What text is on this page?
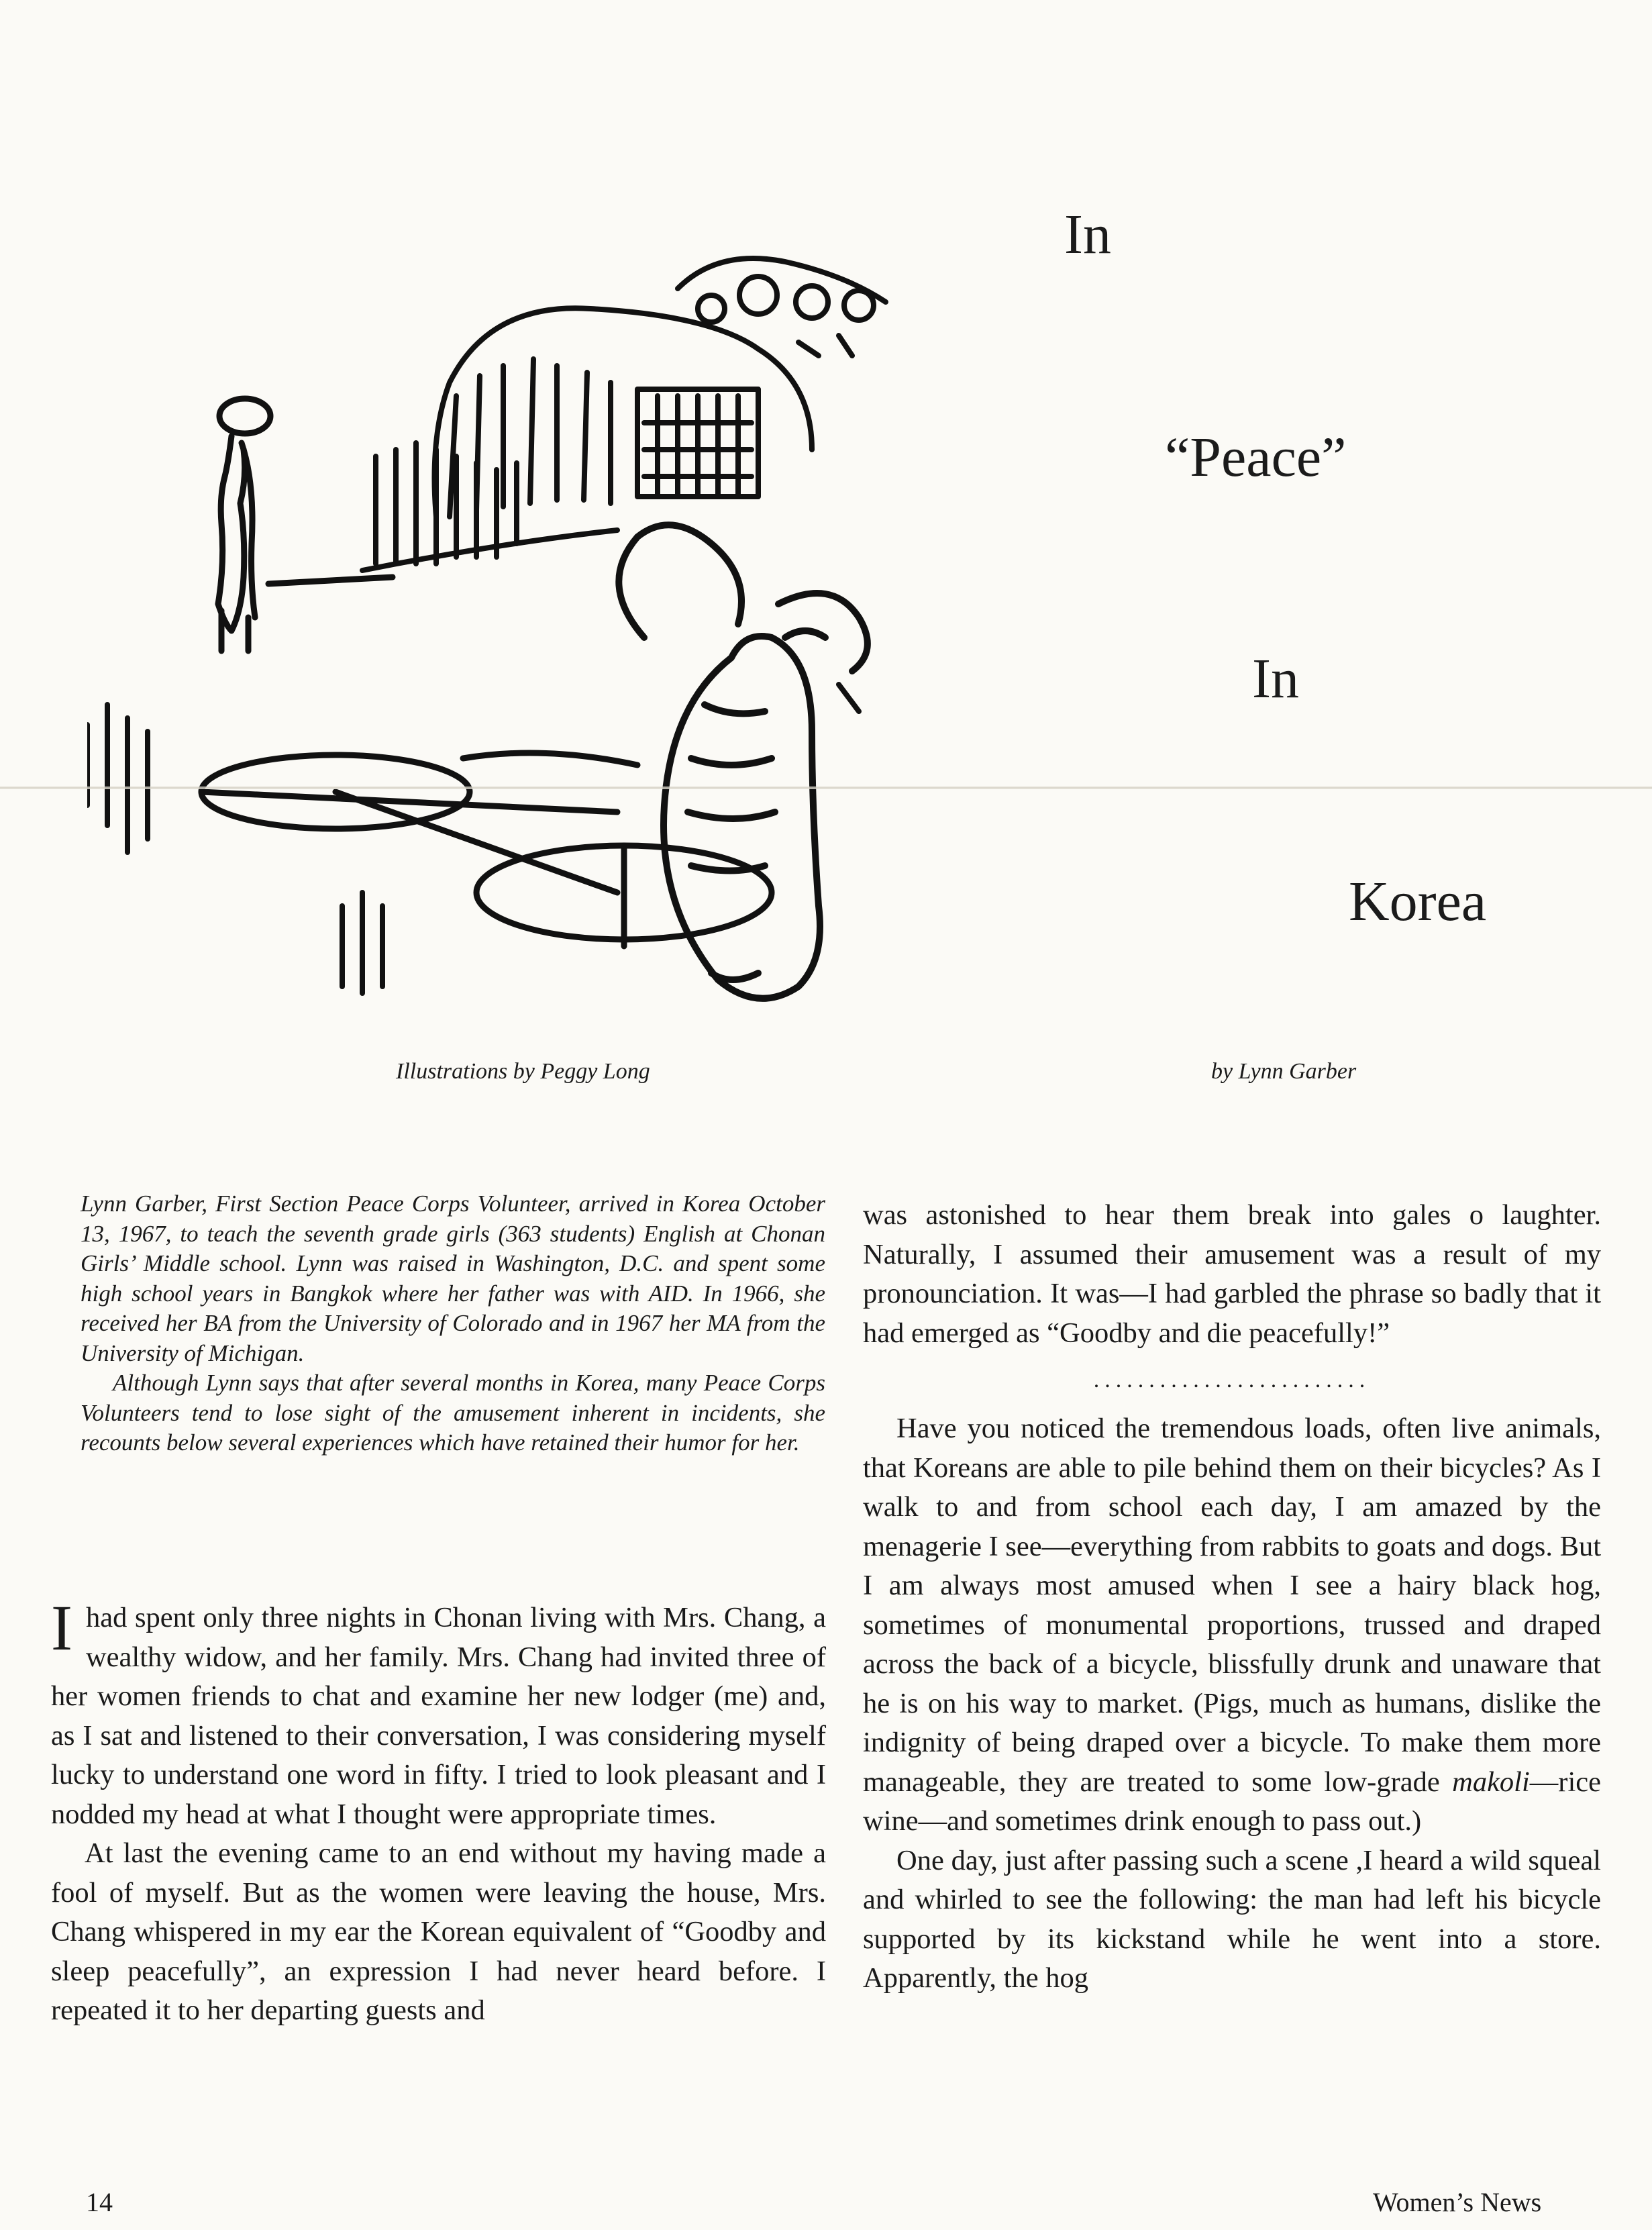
In
“Peace”
In
Korea
Illustrations by Peggy Long	by Lynn Garber

Lynn Garber, First Section Peace Corps Volunteer, arrived in Korea October 13, 1967, to teach the seventh grade girls (363 students) English at Chonan Girls’ Middle school. Lynn was raised in Washington, D.C. and spent some high school years in Bangkok where her father was with AID. In 1966, she received her BA from the University of Colorado and in 1967 her MA from the University of Michigan.

Although Lynn says that after several months in Korea, many Peace Corps Volunteers tend to lose sight of the amusement inherent in incidents, she recounts below several experiences which have retained their humor for her.

Ihad spent only three nights in Chonan living with Mrs. Chang, a wealthy widow, and her family. Mrs. Chang had invited three of her women friends to chat and examine her new lodger (me) and, as I sat and listened to their conversation, I was considering myself lucky to understand one word in fifty. I tried to look pleasant and I nodded my head at what I thought were appropriate times.

At last the evening came to an end without my having made a fool of myself. But as the women were leaving the house, Mrs. Chang whispered in my ear the Korean equivalent of “Goodby and sleep peacefully”, an expression I had never heard before. I repeated it to her departing guests and

was astonished to hear them break into gales o laughter. Naturally, I assumed their amusement was a result of my pronounciation. It was—I had garbled the phrase so badly that it had emerged as “Goodby and die peacefully!”

.........................

Have you noticed the tremendous loads, often live animals, that Koreans are able to pile behind them on their bicycles? As I walk to and from school each day, I am amazed by the menagerie I see—everything from rabbits to goats and dogs. But I am always most amused when I see a hairy black hog, sometimes of monumental proportions, trussed and draped across the back of a bicycle, blissfully drunk and unaware that he is on his way to market. (Pigs, much as humans, dislike the indignity of being draped over a bicycle. To make them more manageable, they are treated to some low-grade makoli—rice wine—and sometimes drink enough to pass out.)

One day, just after passing such a scene ,I heard a wild squeal and whirled to see the following: the man had left his bicycle supported by its kickstand while he went into a store. Apparently, the hog

14	Women’s News
